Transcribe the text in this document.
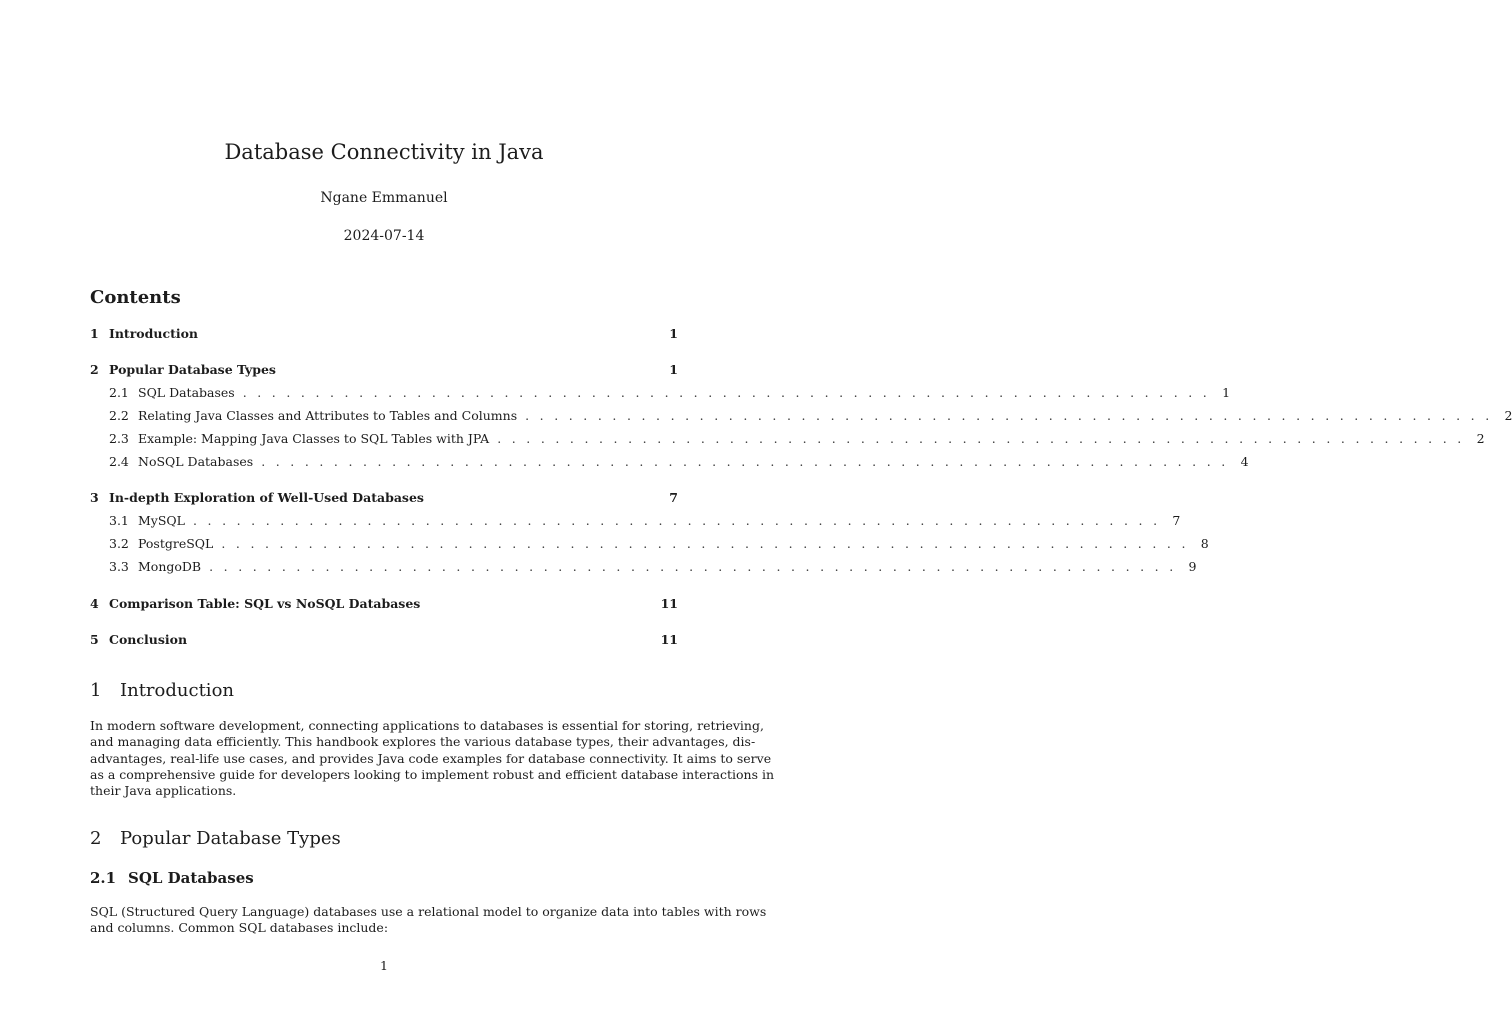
Database Connectivity in Java
Ngane Emmanuel
2024-07-14
Contents
1 Introduction	1
2 Popular Database Types	1
2.1 SQL Databases . . . . . . . . . . . . . . . . . . . . . . . . . . . . . . . . . . . . . . . . . . . . . . . . . . . . . . . . . . . . . . . . . . . 1
2.2 Relating Java Classes and Attributes to Tables and Columns . . . . . . . . . . . . . . . . . . . . . . . . . . . . . . . . . . . . . . . . . . . . . . . . . . . . . . . . . . . . . . . . . . . 2
2.3 Example: Mapping Java Classes to SQL Tables with JPA . . . . . . . . . . . . . . . . . . . . . . . . . . . . . . . . . . . . . . . . . . . . . . . . . . . . . . . . . . . . . . . . . . . 2
2.4 NoSQL Databases . . . . . . . . . . . . . . . . . . . . . . . . . . . . . . . . . . . . . . . . . . . . . . . . . . . . . . . . . . . . . . . . . . . 4
3 In-depth Exploration of Well-Used Databases	7
3.1 MySQL . . . . . . . . . . . . . . . . . . . . . . . . . . . . . . . . . . . . . . . . . . . . . . . . . . . . . . . . . . . . . . . . . . . 7
3.2 PostgreSQL . . . . . . . . . . . . . . . . . . . . . . . . . . . . . . . . . . . . . . . . . . . . . . . . . . . . . . . . . . . . . . . . . . . 8
3.3 MongoDB . . . . . . . . . . . . . . . . . . . . . . . . . . . . . . . . . . . . . . . . . . . . . . . . . . . . . . . . . . . . . . . . . . . 9
4 Comparison Table: SQL vs NoSQL Databases	11
5 Conclusion	11
1 Introduction
In modern software development, connecting applications to databases is essential for storing, retrieving,
and managing data efficiently. This handbook explores the various database types, their advantages, dis-
advantages, real-life use cases, and provides Java code examples for database connectivity. It aims to serve
as a comprehensive guide for developers looking to implement robust and efficient database interactions in
their Java applications.
2 Popular Database Types
2.1 SQL Databases
SQL (Structured Query Language) databases use a relational model to organize data into tables with rows
and columns. Common SQL databases include:
1
